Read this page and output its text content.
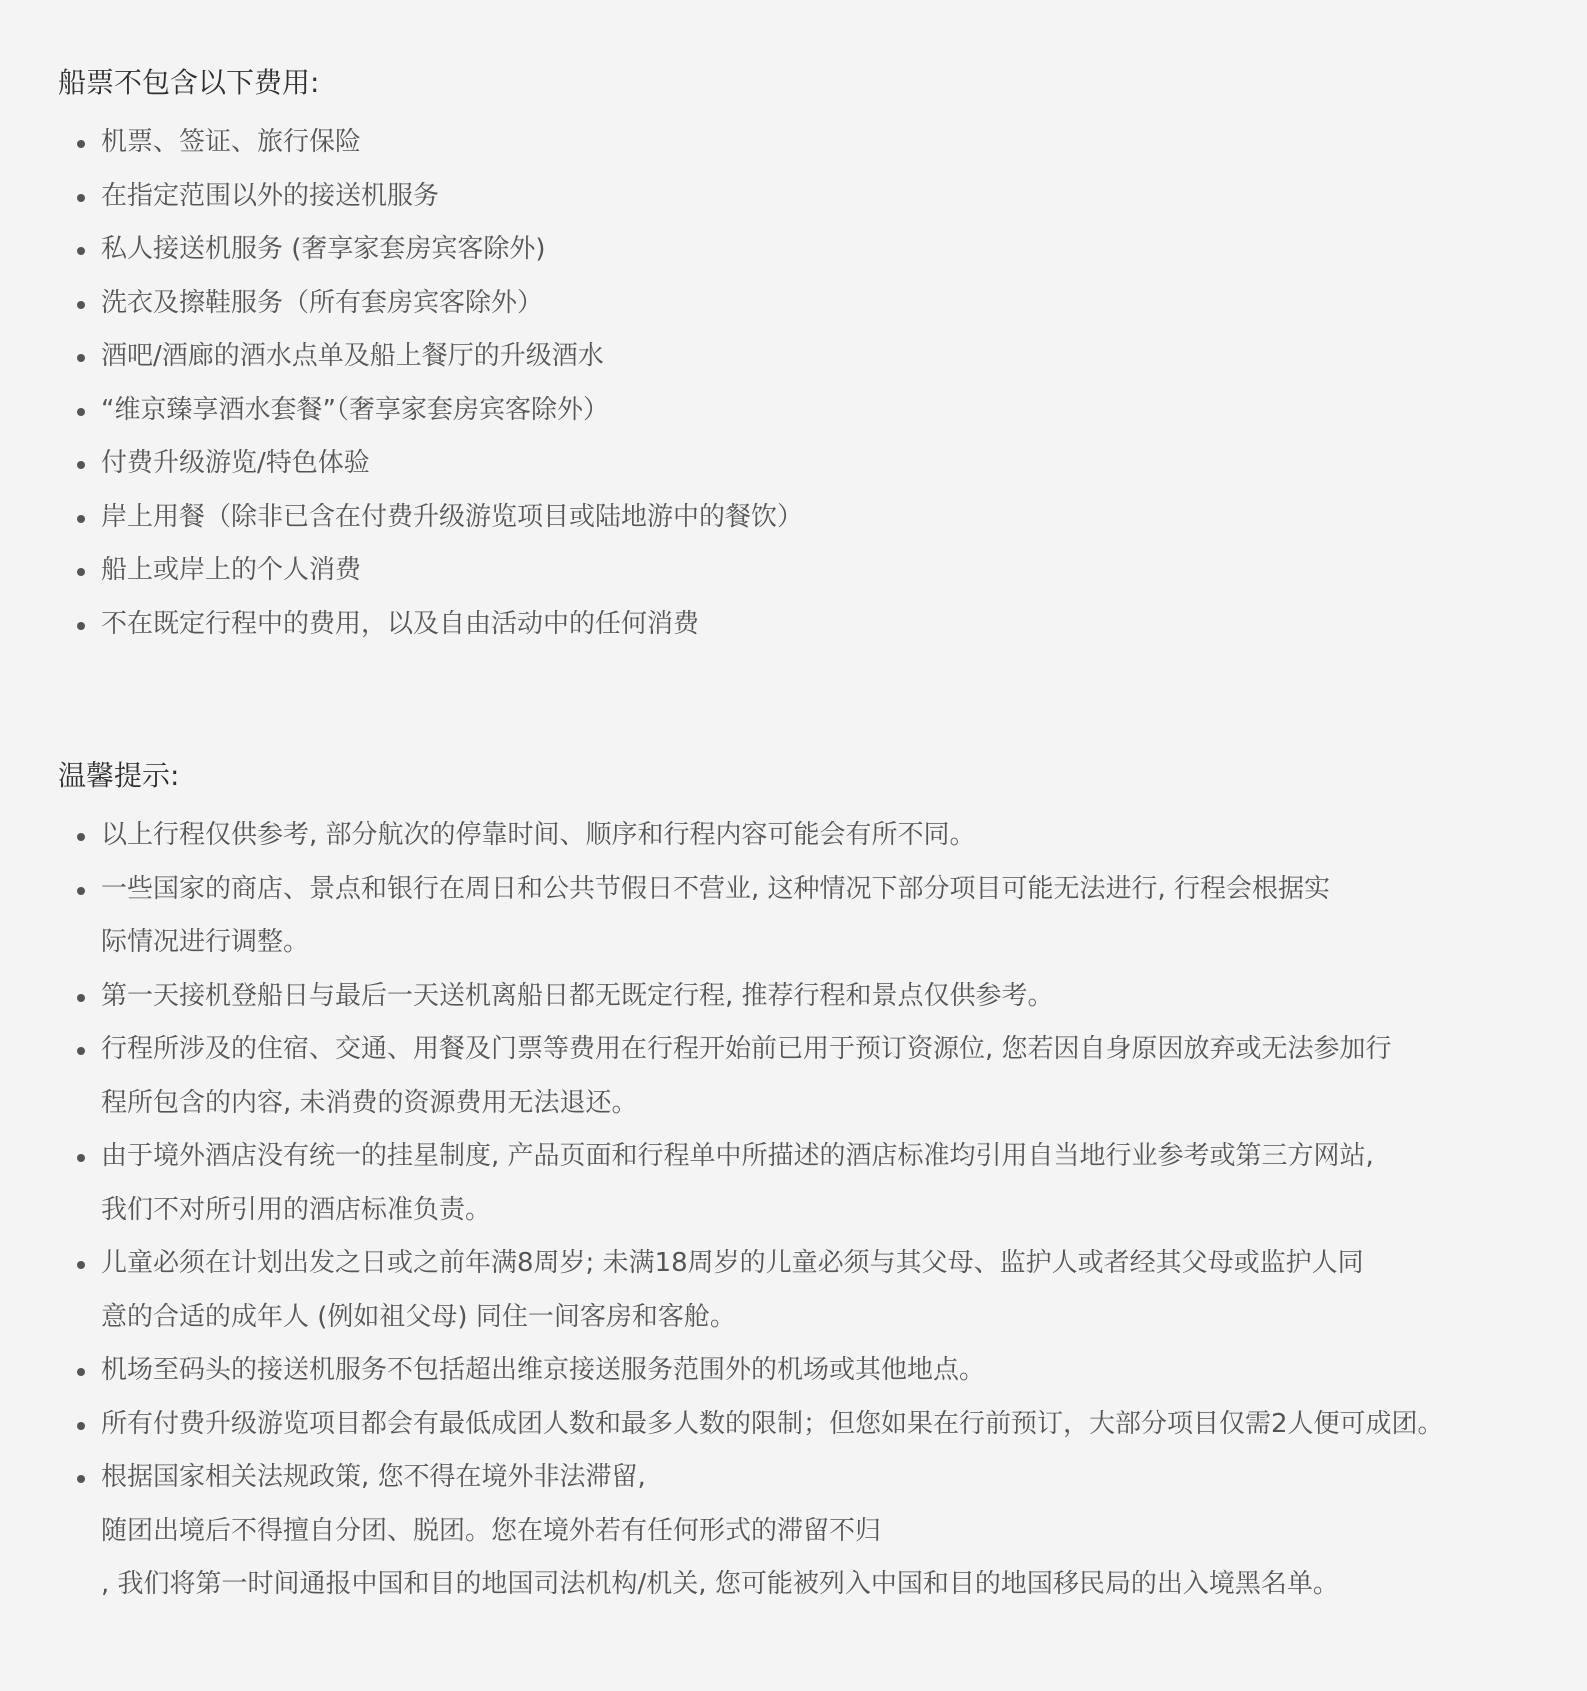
船票不包含以下费用:
机票、签证、旅行保险
在指定范围以外的接送机服务
私人接送机服务 (奢享家套房宾客除外)
洗衣及擦鞋服务（所有套房宾客除外）
酒吧/酒廊的酒水点单及船上餐厅的升级酒水
“维京臻享酒水套餐”（奢享家套房宾客除外）
付费升级游览/特色体验
岸上用餐（除非已含在付费升级游览项目或陆地游中的餐饮）
船上或岸上的个人消费
不在既定行程中的费用，以及自由活动中的任何消费
温馨提示:
以上行程仅供参考, 部分航次的停靠时间、顺序和行程内容可能会有所不同。
一些国家的商店、景点和银行在周日和公共节假日不营业, 这种情况下部分项目可能无法进行, 行程会根据实
际情况进行调整。
第一天接机登船日与最后一天送机离船日都无既定行程, 推荐行程和景点仅供参考。
行程所涉及的住宿、交通、用餐及门票等费用在行程开始前已用于预订资源位, 您若因自身原因放弃或无法参加行
程所包含的内容, 未消费的资源费用无法退还。
由于境外酒店没有统一的挂星制度, 产品页面和行程单中所描述的酒店标准均引用自当地行业参考或第三方网站,
我们不对所引用的酒店标准负责。
儿童必须在计划出发之日或之前年满8周岁; 未满18周岁的儿童必须与其父母、监护人或者经其父母或监护人同
意的合适的成年人 (例如祖父母) 同住一间客房和客舱。
机场至码头的接送机服务不包括超出维京接送服务范围外的机场或其他地点。
所有付费升级游览项目都会有最低成团人数和最多人数的限制；但您如果在行前预订，大部分项目仅需2人便可成团。
根据国家相关法规政策, 您不得在境外非法滞留,
随团出境后不得擅自分团、脱团。您在境外若有任何形式的滞留不归
, 我们将第一时间通报中国和目的地国司法机构/机关, 您可能被列入中国和目的地国移民局的出入境黑名单。
